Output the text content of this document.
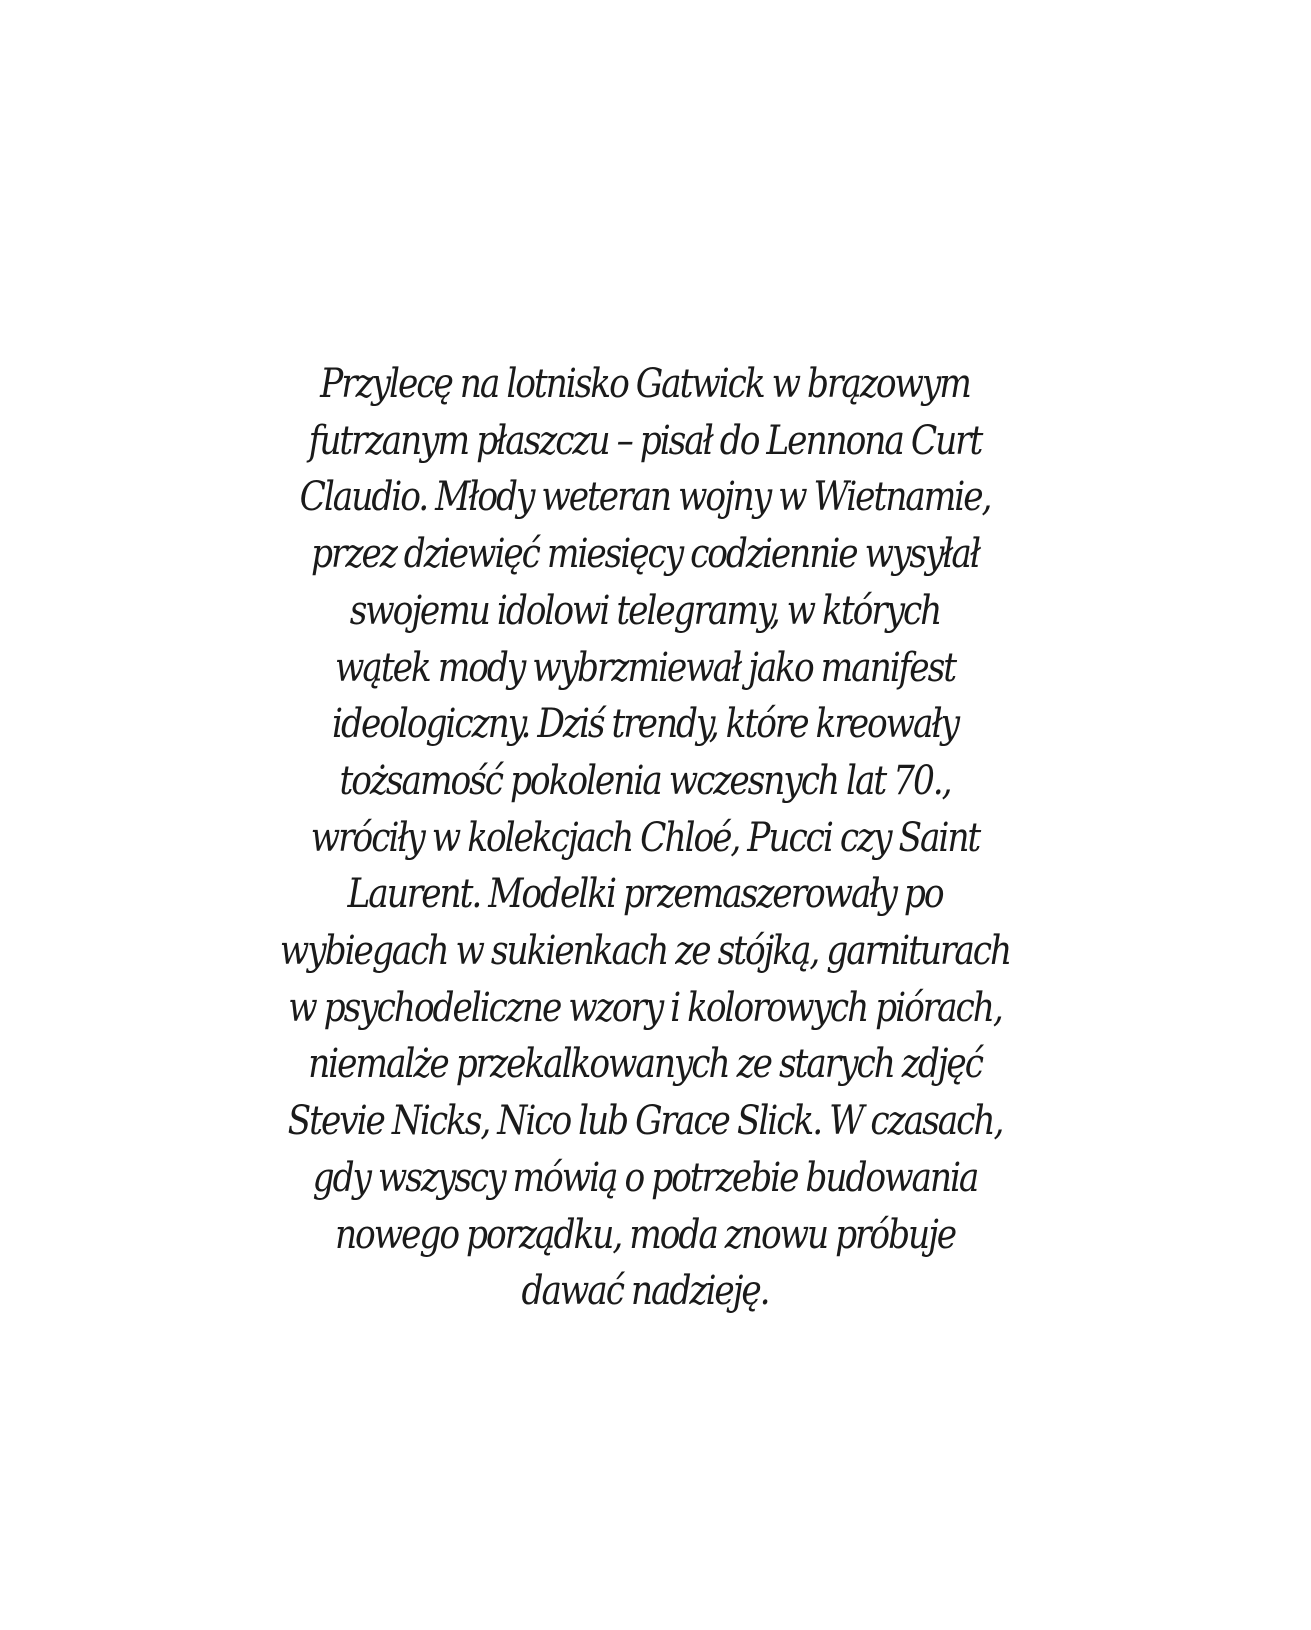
Przylecę na lotnisko Gatwick w brązowym
futrzanym płaszczu – pisał do Lennona Curt
Claudio. Młody weteran wojny w Wietnamie,
przez dziewięć miesięcy codziennie wysyłał
swojemu idolowi telegramy, w których
wątek mody wybrzmiewał jako manifest
ideologiczny. Dziś trendy, które kreowały
tożsamość pokolenia wczesnych lat 70.,
wróciły w kolekcjach Chloé, Pucci czy Saint
Laurent. Modelki przemaszerowały po
wybiegach w sukienkach ze stójką, garniturach
w psychodeliczne wzory i kolorowych piórach,
niemalże przekalkowanych ze starych zdjęć
Stevie Nicks, Nico lub Grace Slick. W czasach,
gdy wszyscy mówią o potrzebie budowania
nowego porządku, moda znowu próbuje
dawać nadzieję.
